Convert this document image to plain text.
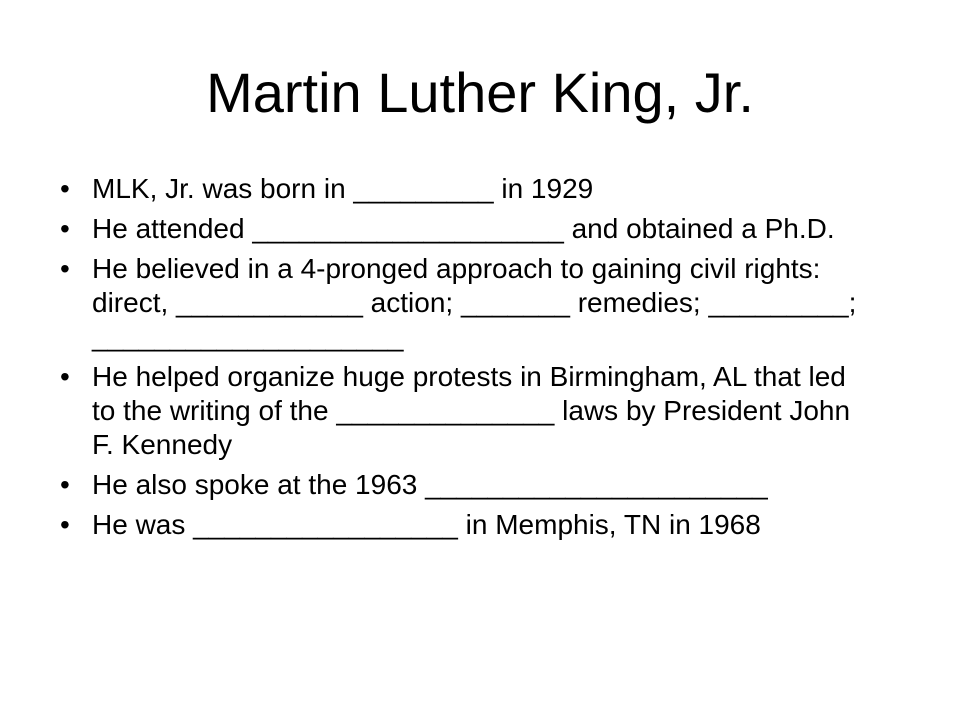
Martin Luther King, Jr.
• MLK, Jr. was born in _________ in 1929
• He attended ____________________ and obtained a Ph.D.
• He believed in a 4-pronged approach to gaining civil rights: direct, ____________ action; _______ remedies; _________; ____________________
• He helped organize huge protests in Birmingham, AL that led to the writing of the ______________ laws by President John F. Kennedy
• He also spoke at the 1963 ______________________
• He was _________________ in Memphis, TN in 1968
